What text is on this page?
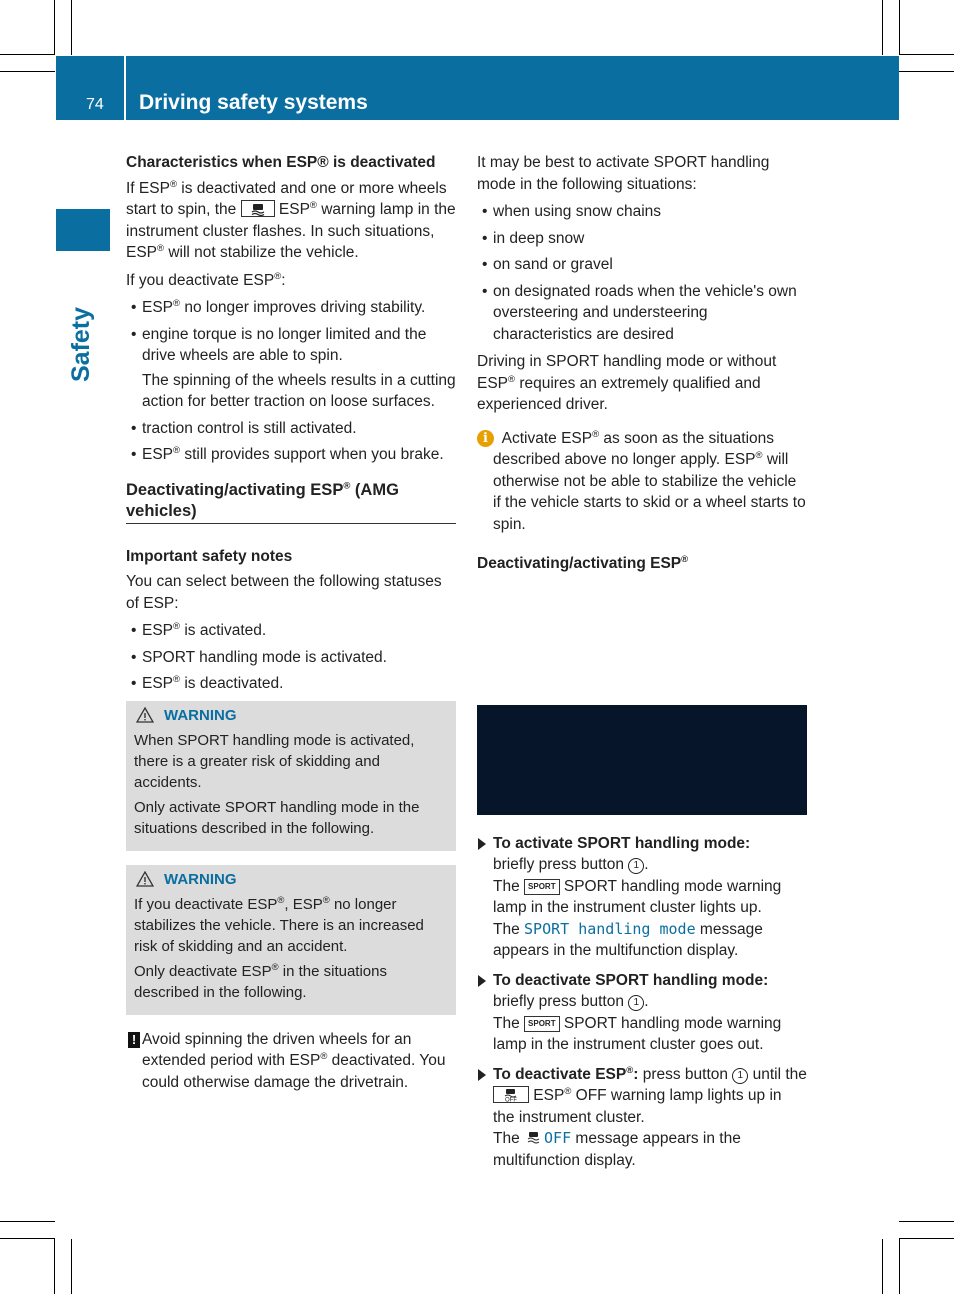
74 Driving safety systems
Safety
Characteristics when ESP® is deactivated

If ESP® is deactivated and one or more wheels start to spin, the  ESP® warning lamp in the instrument cluster flashes. In such situations, ESP® will not stabilize the vehicle.

If you deactivate ESP®:

• ESP® no longer improves driving stability.
• engine torque is no longer limited and the drive wheels are able to spin.
The spinning of the wheels results in a cutting action for better traction on loose surfaces.
• traction control is still activated.
• ESP® still provides support when you brake.
Deactivating/activating ESP® (AMG vehicles)
Important safety notes

You can select between the following statuses of ESP:

• ESP® is activated.
• SPORT handling mode is activated.
• ESP® is deactivated.
WARNING

When SPORT handling mode is activated, there is a greater risk of skidding and accidents.

Only activate SPORT handling mode in the situations described in the following.

WARNING

If you deactivate ESP®, ESP® no longer stabilizes the vehicle. There is an increased risk of skidding and an accident.

Only deactivate ESP® in the situations described in the following.

! Avoid spinning the driven wheels for an extended period with ESP® deactivated. You could otherwise damage the drivetrain.

It may be best to activate SPORT handling mode in the following situations:

• when using snow chains
• in deep snow
• on sand or gravel
• on designated roads when the vehicle's own oversteering and understeering characteristics are desired

Driving in SPORT handling mode or without ESP® requires an extremely qualified and experienced driver.

i Activate ESP® as soon as the situations described above no longer apply. ESP® will otherwise not be able to stabilize the vehicle if the vehicle starts to skid or a wheel starts to spin.
Deactivating/activating ESP®
To activate SPORT handling mode:
briefly press button 1 .
The SPORT SPORT handling mode warning lamp in the instrument cluster lights up.
The SPORT handling mode message appears in the multifunction display.
To deactivate SPORT handling mode:
briefly press button 1 .
The SPORT SPORT handling mode warning lamp in the instrument cluster goes out.
To deactivate ESP®: press button 1 until the
OFF ESP® OFF warning lamp lights up in the instrument cluster.
The OFF message appears in the multifunction display.
